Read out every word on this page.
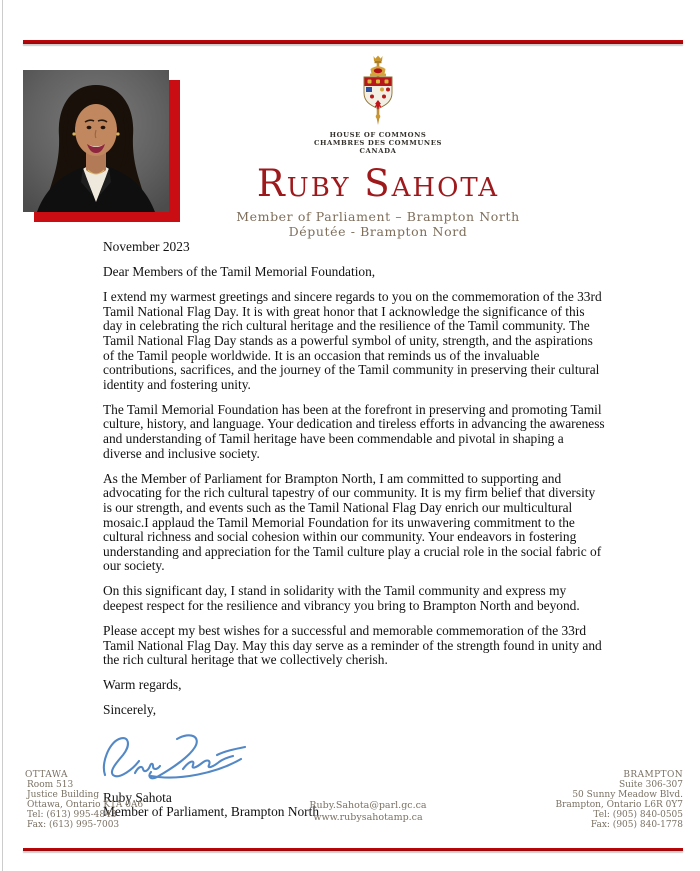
HOUSE OF COMMONS
CHAMBRES DES COMMUNES
CANADA
Ruby Sahota
Member of Parliament – Brampton North
Députée - Brampton Nord

November 2023

Dear Members of the Tamil Memorial Foundation,

I extend my warmest greetings and sincere regards to you on the commemoration of the 33rd Tamil National Flag Day. It is with great honor that I acknowledge the significance of this day in celebrating the rich cultural heritage and the resilience of the Tamil community. The Tamil National Flag Day stands as a powerful symbol of unity, strength, and the aspirations of the Tamil people worldwide. It is an occasion that reminds us of the invaluable contributions, sacrifices, and the journey of the Tamil community in preserving their cultural identity and fostering unity.

The Tamil Memorial Foundation has been at the forefront in preserving and promoting Tamil culture, history, and language. Your dedication and tireless efforts in advancing the awareness and understanding of Tamil heritage have been commendable and pivotal in shaping a diverse and inclusive society.

As the Member of Parliament for Brampton North, I am committed to supporting and advocating for the rich cultural tapestry of our community. It is my firm belief that diversity is our strength, and events such as the Tamil National Flag Day enrich our multicultural mosaic.I applaud the Tamil Memorial Foundation for its unwavering commitment to the cultural richness and social cohesion within our community. Your endeavors in fostering understanding and appreciation for the Tamil culture play a crucial role in the social fabric of our society.

On this significant day, I stand in solidarity with the Tamil community and express my deepest respect for the resilience and vibrancy you bring to Brampton North and beyond.

Please accept my best wishes for a successful and memorable commemoration of the 33rd Tamil National Flag Day. May this day serve as a reminder of the strength found in unity and the rich cultural heritage that we collectively cherish.

Warm regards,

Sincerely,

Ruby Sahota
Member of Parliament, Brampton North
OTTAWA
Room 513
Justice Building
Ottawa, Ontario K1A 0A6
Tel: (613) 995-4843
Fax: (613) 995-7003
BRAMPTON
Suite 306-307
50 Sunny Meadow Blvd.
Brampton, Ontario L6R 0Y7
Tel: (905) 840-0505
Fax: (905) 840-1778
Ruby.Sahota@parl.gc.ca
www.rubysahotamp.ca
